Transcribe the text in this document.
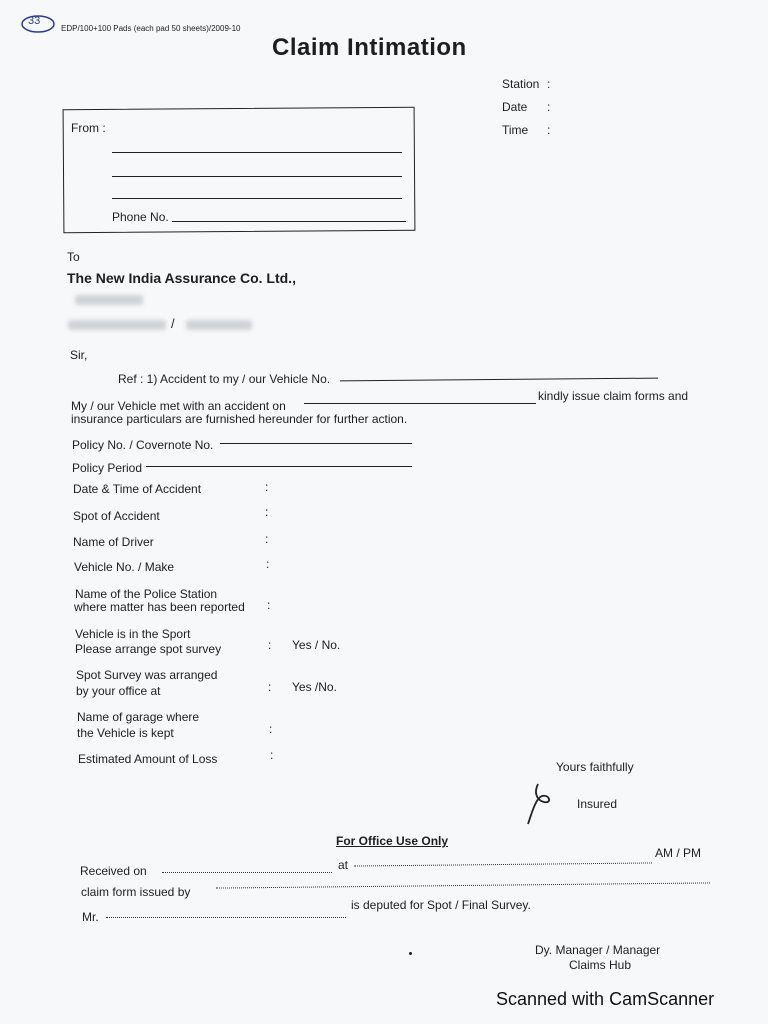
33
EDP/100+100 Pads (each pad 50 sheets)/2009-10
Claim Intimation
Station :
Date :
Time :
From :
Phone No.
To
The New India Assurance Co. Ltd.,
/
Sir,
Ref : 1) Accident to my / our Vehicle No.
My / our Vehicle met with an accident on
kindly issue claim forms and
insurance particulars are furnished hereunder for further action.
Policy No. / Covernote No.
Policy Period
Date & Time of Accident	:
Spot of Accident	:
Name of Driver	:
Vehicle No. / Make	:
Name of the Police Station
where matter has been reported :
Vehicle is in the Sport
Please arrange spot survey	: Yes / No.
Spot Survey was arranged
by your office at	: Yes /No.
Name of garage where
the Vehicle is kept	:
Estimated Amount of Loss	:
Yours faithfully
Insured
For Office Use Only
Received on	at
AM / PM
claim form issued by
Mr.
is deputed for Spot / Final Survey.
Dy. Manager / Manager
Claims Hub
Scanned with CamScanner
